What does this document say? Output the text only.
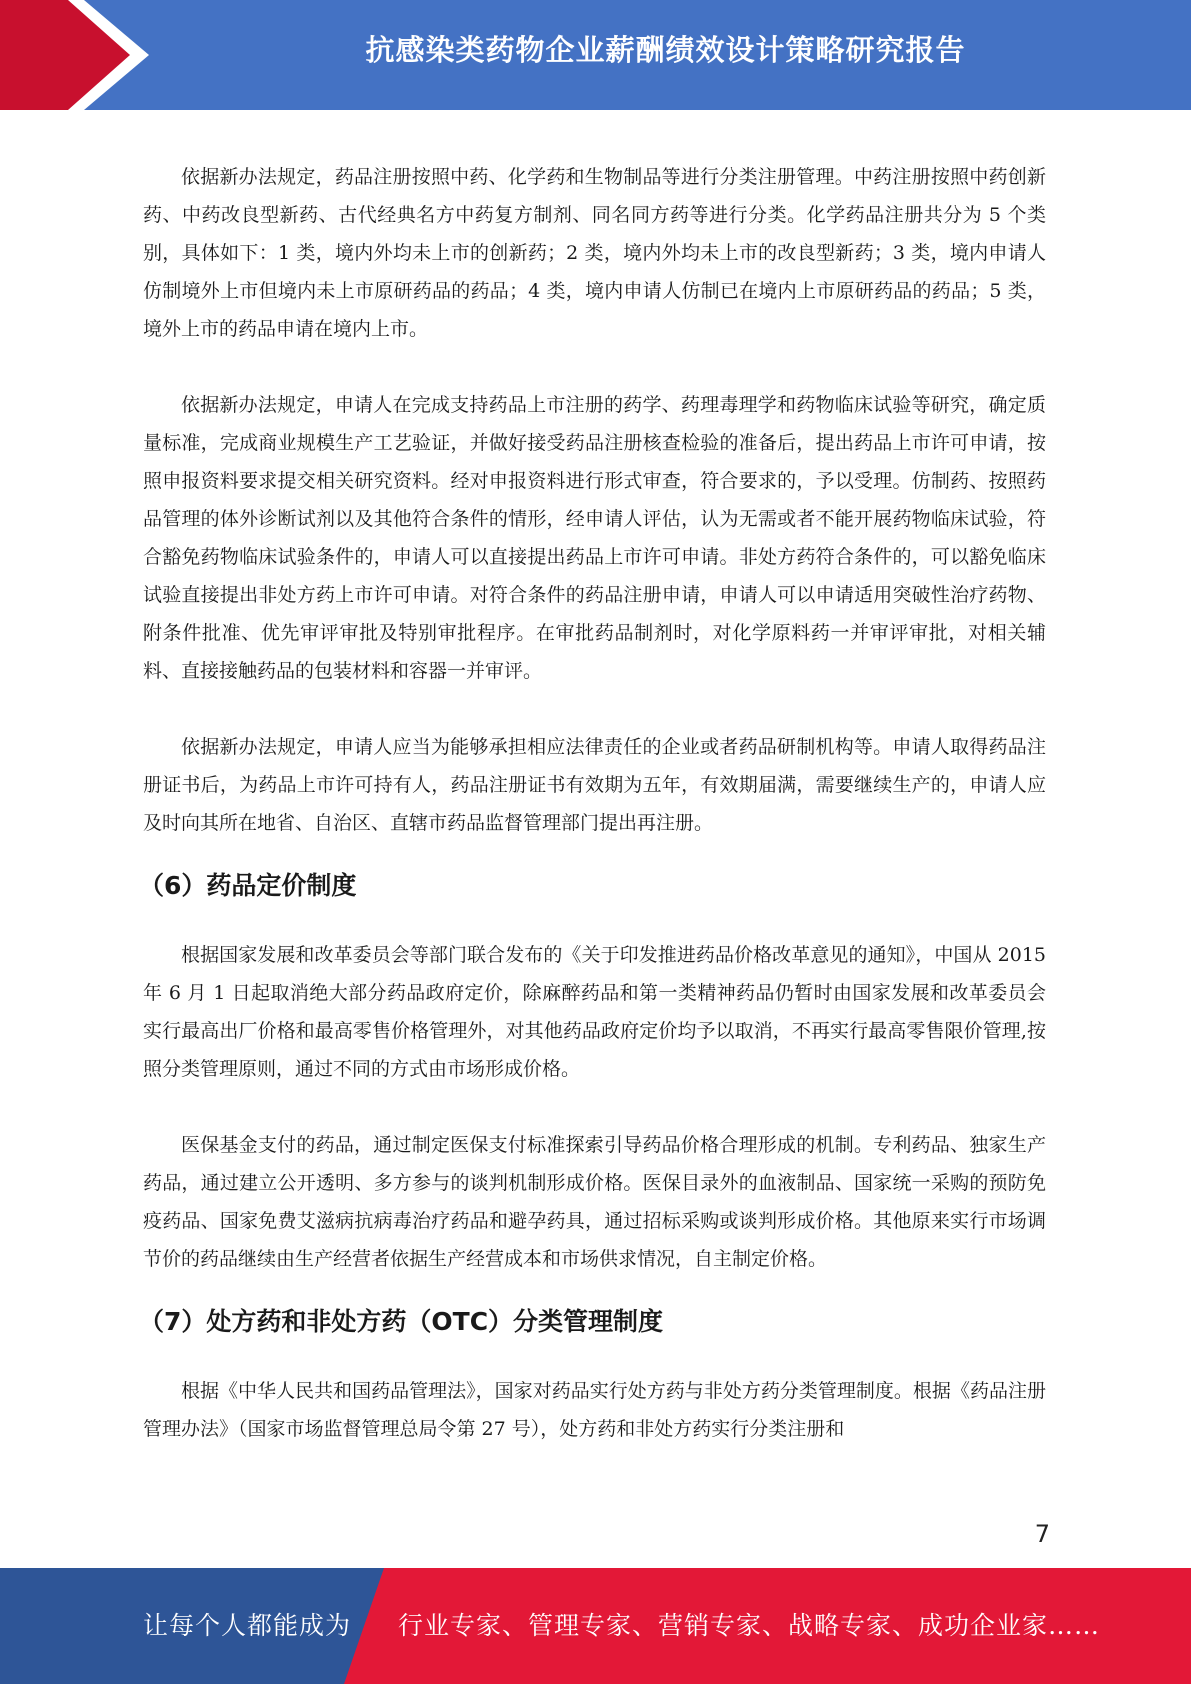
抗感染类药物企业薪酬绩效设计策略研究报告

依据新办法规定，药品注册按照中药、化学药和生物制品等进行分类注册管理。中药注册按照中药创新药、中药改良型新药、古代经典名方中药复方制剂、同名同方药等进行分类。化学药品注册共分为 5 个类别，具体如下：1 类，境内外均未上市的创新药；2 类，境内外均未上市的改良型新药；3 类，境内申请人仿制境外上市但境内未上市原研药品的药品；4 类，境内申请人仿制已在境内上市原研药品的药品；5 类，境外上市的药品申请在境内上市。

依据新办法规定，申请人在完成支持药品上市注册的药学、药理毒理学和药物临床试验等研究，确定质量标准，完成商业规模生产工艺验证，并做好接受药品注册核查检验的准备后，提出药品上市许可申请，按照申报资料要求提交相关研究资料。经对申报资料进行形式审查，符合要求的，予以受理。仿制药、按照药品管理的体外诊断试剂以及其他符合条件的情形，经申请人评估，认为无需或者不能开展药物临床试验，符合豁免药物临床试验条件的，申请人可以直接提出药品上市许可申请。非处方药符合条件的，可以豁免临床试验直接提出非处方药上市许可申请。对符合条件的药品注册申请，申请人可以申请适用突破性治疗药物、附条件批准、优先审评审批及特别审批程序。在审批药品制剂时，对化学原料药一并审评审批，对相关辅料、直接接触药品的包装材料和容器一并审评。

依据新办法规定，申请人应当为能够承担相应法律责任的企业或者药品研制机构等。申请人取得药品注册证书后，为药品上市许可持有人，药品注册证书有效期为五年，有效期届满，需要继续生产的，申请人应及时向其所在地省、自治区、直辖市药品监督管理部门提出再注册。

（6）药品定价制度

根据国家发展和改革委员会等部门联合发布的《关于印发推进药品价格改革意见的通知》，中国从 2015 年 6 月 1 日起取消绝大部分药品政府定价，除麻醉药品和第一类精神药品仍暂时由国家发展和改革委员会实行最高出厂价格和最高零售价格管理外，对其他药品政府定价均予以取消，不再实行最高零售限价管理,按照分类管理原则，通过不同的方式由市场形成价格。

医保基金支付的药品，通过制定医保支付标准探索引导药品价格合理形成的机制。专利药品、独家生产药品，通过建立公开透明、多方参与的谈判机制形成价格。医保目录外的血液制品、国家统一采购的预防免疫药品、国家免费艾滋病抗病毒治疗药品和避孕药具，通过招标采购或谈判形成价格。其他原来实行市场调节价的药品继续由生产经营者依据生产经营成本和市场供求情况，自主制定价格。

（7）处方药和非处方药（OTC）分类管理制度

根据《中华人民共和国药品管理法》，国家对药品实行处方药与非处方药分类管理制度。根据《药品注册管理办法》（国家市场监督管理总局令第 27 号），处方药和非处方药实行分类注册和

7
让每个人都能成为 行业专家、管理专家、营销专家、战略专家、成功企业家……
